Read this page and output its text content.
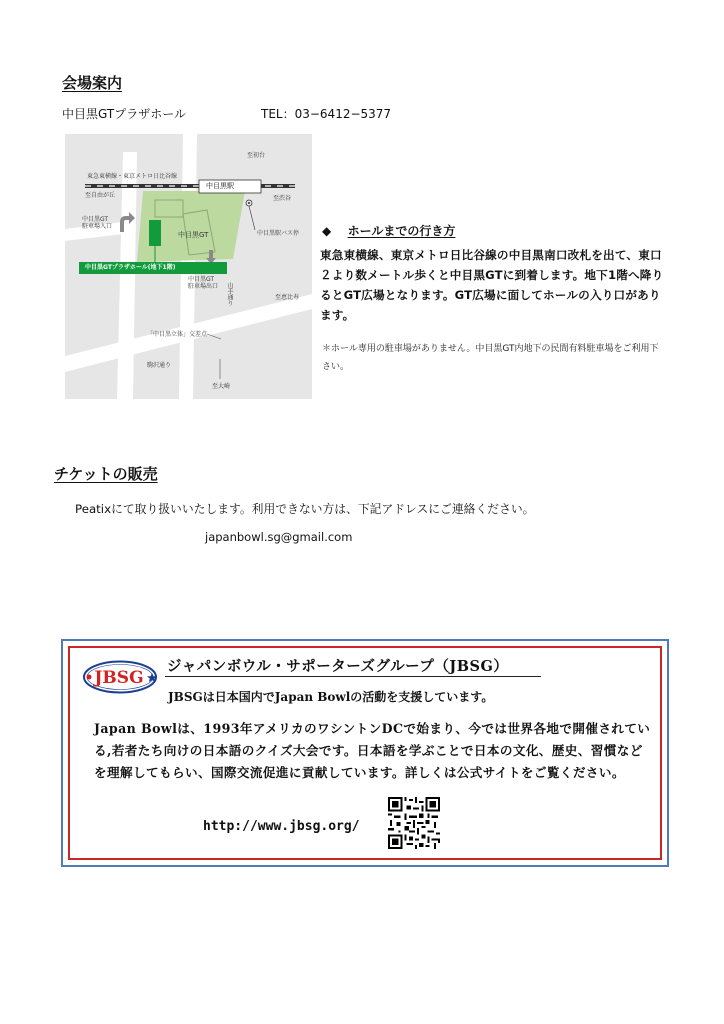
会場案内
中目黒GTプラザホール	TEL：03−6412−5377
至初台
東急東横線・東京メトロ日比谷線
中目黒駅
至自由が丘	至渋谷
中目黒GT
駐車場入口
中目黒GT	中目黒駅バス停
中目黒GTプラザホール(地下1階)
中目黒GT
駐車場出口 山手通り	至恵比寿
「中目黒立体」交差点
駒沢通り
至大崎
◆ ホールまでの行き方
東急東横線、東京メトロ日比谷線の中目黒南口改札を出て、東口２より数メートル歩くと中目黒GTに到着します。地下1階へ降りるとGT広場となります。GT広場に面してホールの入り口があります。
＊ホール専用の駐車場がありません。中目黒GT内地下の民間有料駐車場をご利用下さい。
チケットの販売
Peatixにて取り扱いいたします。利用できない方は、下記アドレスにご連絡ください。
japanbowl.sg@gmail.com
JBSG
ジャパンボウル・サポーターズグループ（JBSG）
JBSGは日本国内でJapan Bowlの活動を支援しています。
Japan Bowlは、1993年アメリカのワシントンDCで始まり、今では世界各地で開催されている,若者たち向けの日本語のクイズ大会です。日本語を学ぶことで日本の文化、歴史、習慣などを理解してもらい、国際交流促進に貢献しています。詳しくは公式サイトをご覧ください。
http://www.jbsg.org/
